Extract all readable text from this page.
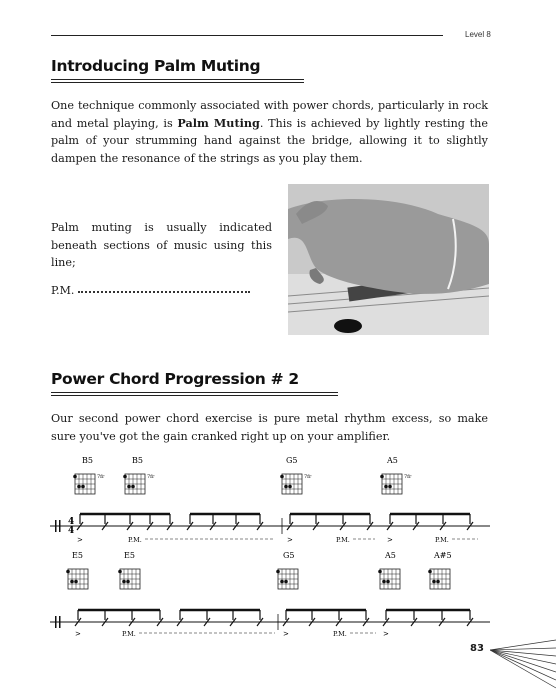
Level 8
Introducing Palm Muting
One technique commonly associated with power chords, particularly in rock and metal playing, is Palm Muting. This is achieved by lightly resting the palm of your strumming hand against the bridge, allowing it to slightly dampen the resonance of the strings as you play them.
Palm muting is usually indicated beneath sections of music using this line;
P.M.
Power Chord Progression # 2
Our second power chord exercise is pure metal rhythm excess, so make sure you've got the gain cranked right up on your amplifier.
B5	B5	G5	A5
7fr	7fr	7fr	7fr
4
4
>	>	>
P.M.	P.M.	P.M.
E5	E5	G5	A5	A#5
>	>	>
P.M.	P.M.
83
